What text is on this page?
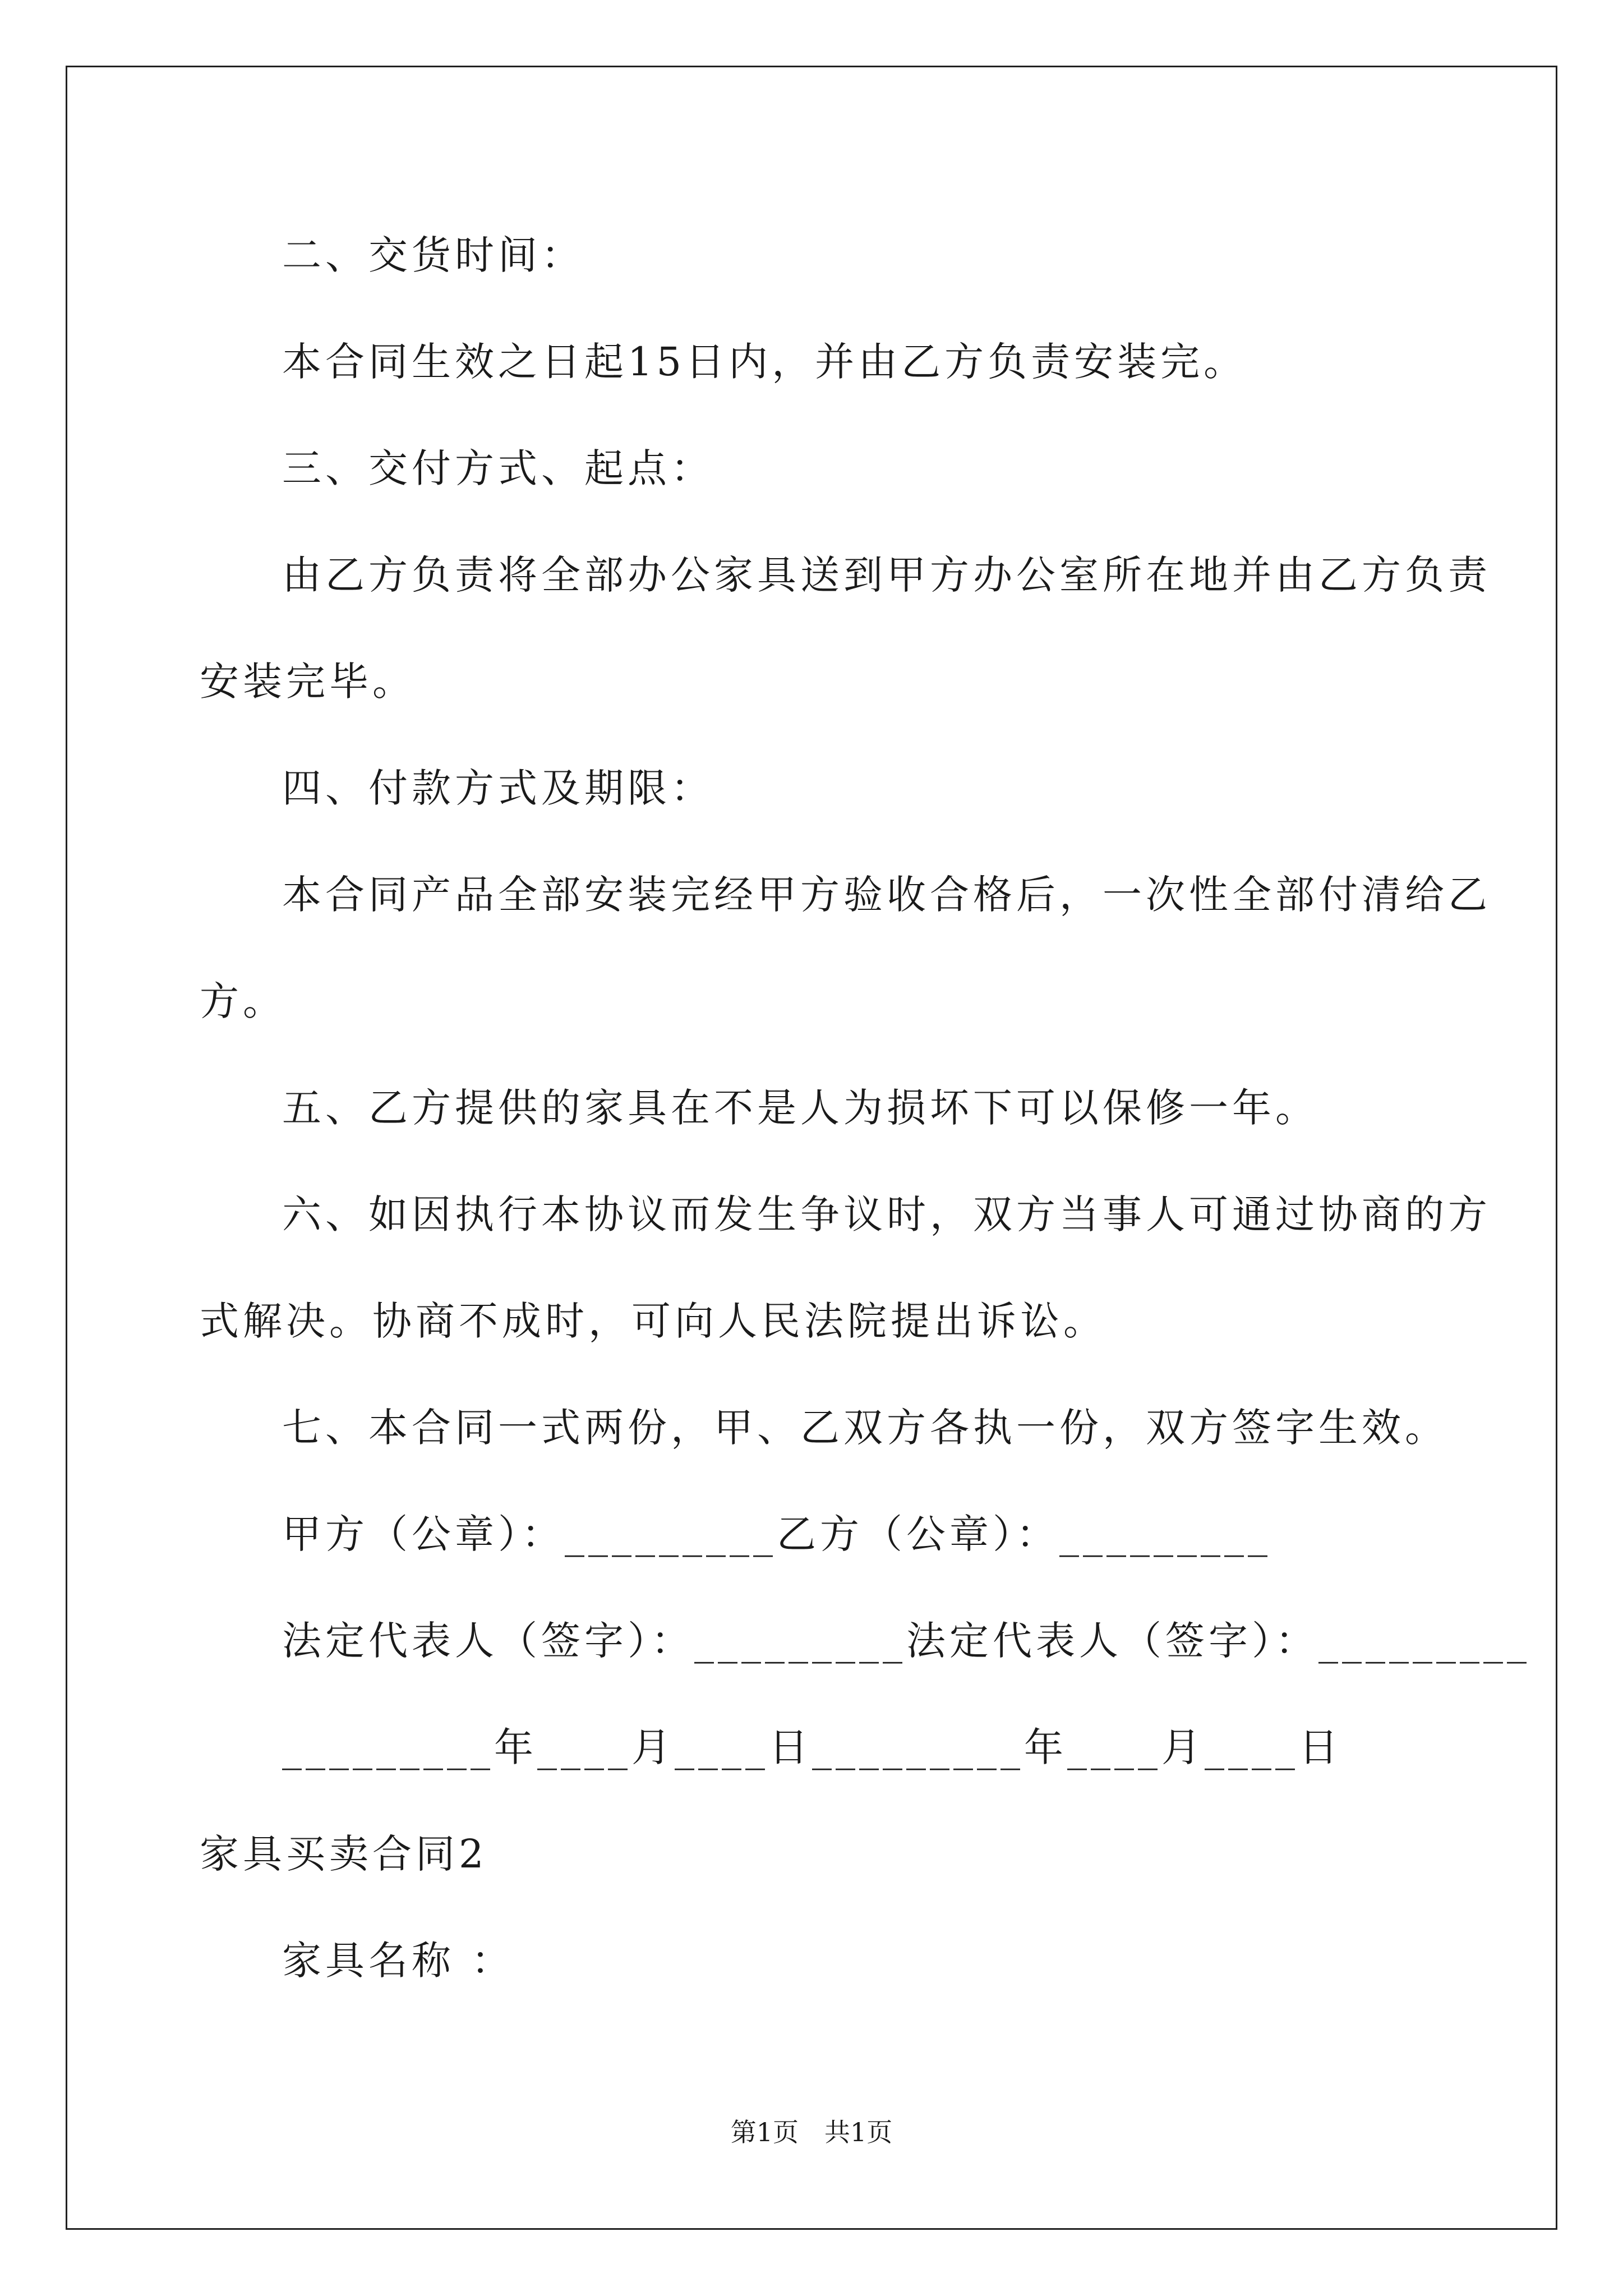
二、交货时间：
本合同生效之日起15日内，并由乙方负责安装完。
三、交付方式、起点：
由乙方负责将全部办公家具送到甲方办公室所在地并由乙方负责
安装完毕。
四、付款方式及期限：
本合同产品全部安装完经甲方验收合格后，一次性全部付清给乙
方。
五、乙方提供的家具在不是人为损坏下可以保修一年。
六、如因执行本协议而发生争议时，双方当事人可通过协商的方
式解决。协商不成时，可向人民法院提出诉讼。
七、本合同一式两份，甲、乙双方各执一份，双方签字生效。
甲方（公章）：_________乙方（公章）：_________
法定代表人（签字）：_________法定代表人（签字）：_________
_________年____月____日_________年____月____日
家具买卖合同2
家具名称 ：
第1页　共1页
